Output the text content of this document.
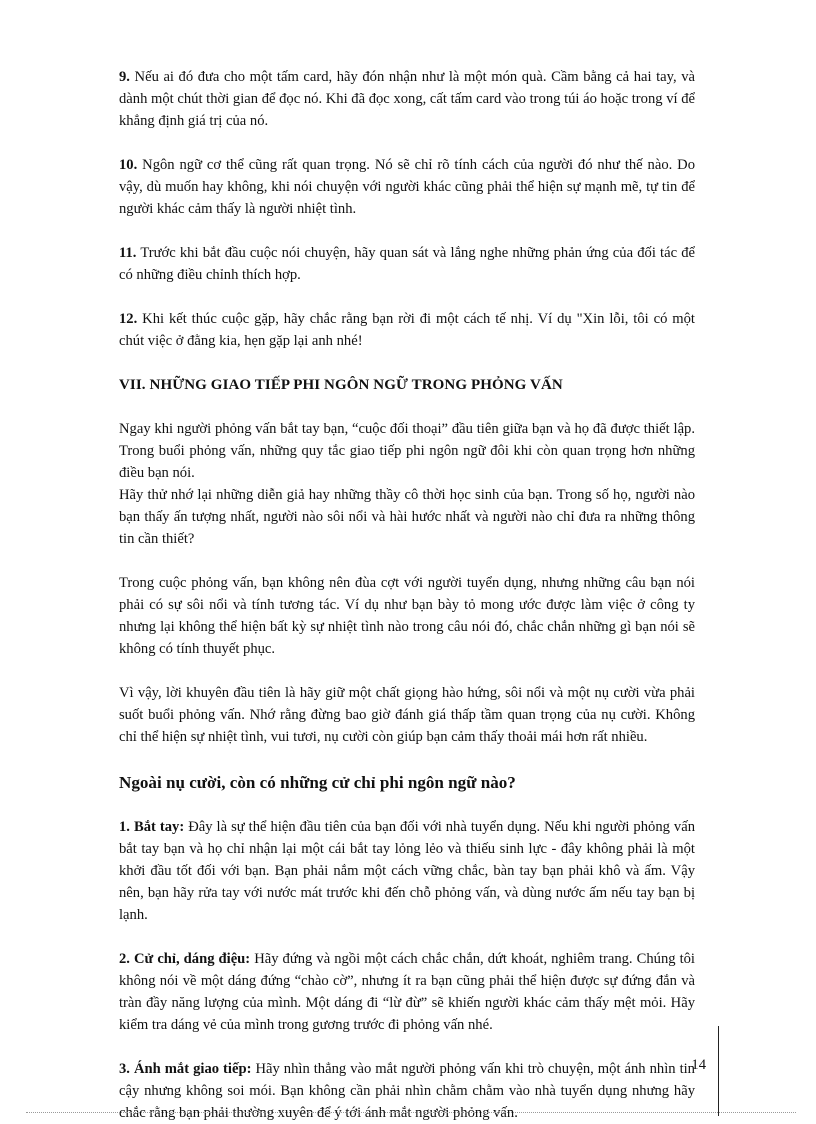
9. Nếu ai đó đưa cho một tấm card, hãy đón nhận như là một món quà. Cầm bằng cả hai tay, và dành một chút thời gian để đọc nó. Khi đã đọc xong, cất tấm card vào trong túi áo hoặc trong ví để khẳng định giá trị của nó.

10. Ngôn ngữ cơ thể cũng rất quan trọng. Nó sẽ chỉ rõ tính cách của người đó như thế nào. Do vậy, dù muốn hay không, khi nói chuyện với người khác cũng phải thể hiện sự mạnh mẽ, tự tin để người khác cảm thấy là người nhiệt tình.

11. Trước khi bắt đầu cuộc nói chuyện, hãy quan sát và lắng nghe những phản ứng của đối tác để có những điều chỉnh thích hợp.

12. Khi kết thúc cuộc gặp, hãy chắc rằng bạn rời đi một cách tế nhị. Ví dụ "Xin lỗi, tôi có một chút việc ở đằng kia, hẹn gặp lại anh nhé!

VII. NHỮNG GIAO TIẾP PHI NGÔN NGỮ TRONG PHỎNG VẤN

Ngay khi người phỏng vấn bắt tay bạn, “cuộc đối thoại” đầu tiên giữa bạn và họ đã được thiết lập. Trong buổi phỏng vấn, những quy tắc giao tiếp phi ngôn ngữ đôi khi còn quan trọng hơn những điều bạn nói.

Hãy thử nhớ lại những diễn giả hay những thầy cô thời học sinh của bạn. Trong số họ, người nào bạn thấy ấn tượng nhất, người nào sôi nổi và hài hước nhất và người nào chỉ đưa ra những thông tin cần thiết?

Trong cuộc phỏng vấn, bạn không nên đùa cợt với người tuyển dụng, nhưng những câu bạn nói phải có sự sôi nổi và tính tương tác. Ví dụ như bạn bày tỏ mong ước được làm việc ở công ty nhưng lại không thể hiện bất kỳ sự nhiệt tình nào trong câu nói đó, chắc chắn những gì bạn nói sẽ không có tính thuyết phục.

Vì vậy, lời khuyên đầu tiên là hãy giữ một chất giọng hào hứng, sôi nổi và một nụ cười vừa phải suốt buổi phỏng vấn. Nhớ rằng đừng bao giờ đánh giá thấp tầm quan trọng của nụ cười. Không chỉ thể hiện sự nhiệt tình, vui tươi, nụ cười còn giúp bạn cảm thấy thoải mái hơn rất nhiều.

Ngoài nụ cười, còn có những cử chỉ phi ngôn ngữ nào?

1. Bắt tay: Đây là sự thể hiện đầu tiên của bạn đối với nhà tuyển dụng. Nếu khi người phỏng vấn bắt tay bạn và họ chỉ nhận lại một cái bắt tay lỏng lẻo và thiếu sinh lực - đây không phải là một khởi đầu tốt đối với bạn. Bạn phải nắm một cách vững chắc, bàn tay bạn phải khô và ấm. Vậy nên, bạn hãy rửa tay với nước mát trước khi đến chỗ phỏng vấn, và dùng nước ấm nếu tay bạn bị lạnh.

2. Cử chỉ, dáng điệu: Hãy đứng và ngồi một cách chắc chắn, dứt khoát, nghiêm trang. Chúng tôi không nói về một dáng đứng “chào cờ”, nhưng ít ra bạn cũng phải thể hiện được sự đứng đắn và tràn đầy năng lượng của mình. Một dáng đi “lừ đừ” sẽ khiến người khác cảm thấy mệt mỏi. Hãy kiểm tra dáng vẻ của mình trong gương trước đi phỏng vấn nhé.

3. Ánh mắt giao tiếp: Hãy nhìn thẳng vào mắt người phỏng vấn khi trò chuyện, một ánh nhìn tin cậy nhưng không soi mói. Bạn không cần phải nhìn chằm chằm vào nhà tuyển dụng nhưng hãy chắc rằng bạn phải thường xuyên để ý tới ánh mắt người phỏng vấn.

14
